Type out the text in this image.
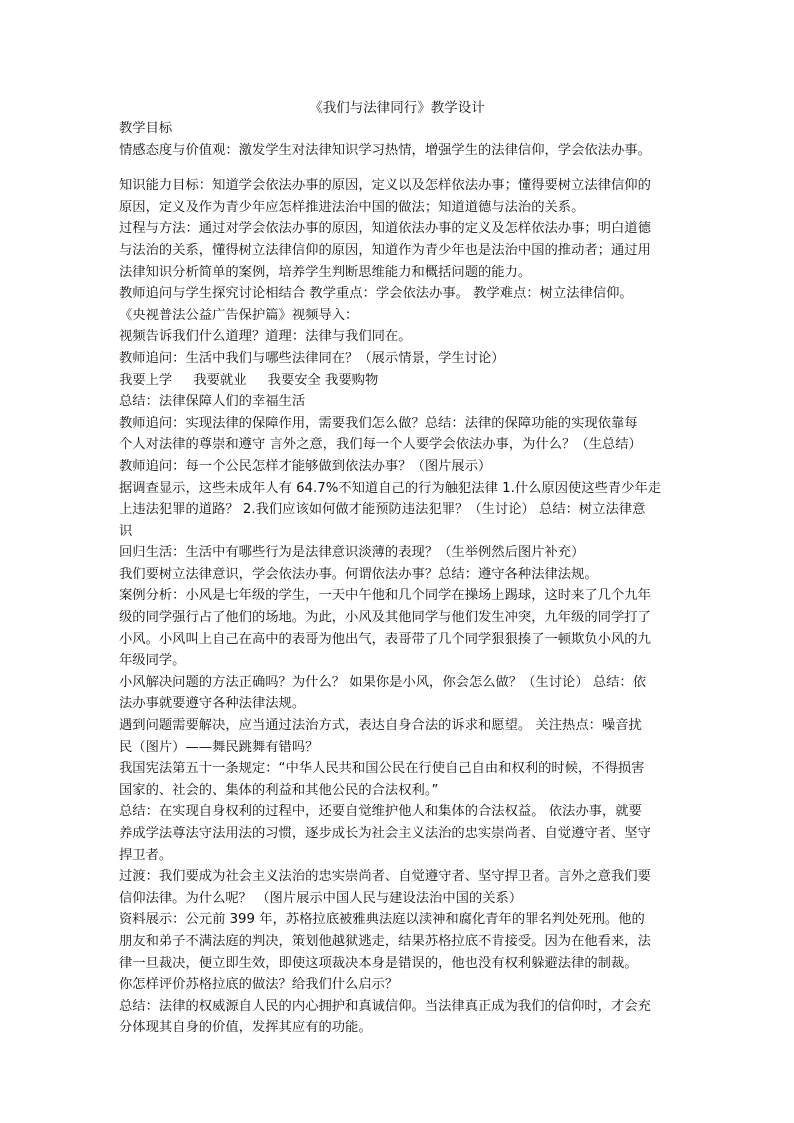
《我们与法律同行》教学设计
教学目标
情感态度与价值观：激发学生对法律知识学习热情，增强学生的法律信仰，学会依法办事。
知识能力目标：知道学会依法办事的原因，定义以及怎样依法办事；懂得要树立法律信仰的
原因，定义及作为青少年应怎样推进法治中国的做法；知道道德与法治的关系。
过程与方法：通过对学会依法办事的原因，知道依法办事的定义及怎样依法办事；明白道德
与法治的关系，懂得树立法律信仰的原因，知道作为青少年也是法治中国的推动者；通过用
法律知识分析简单的案例，培养学生判断思维能力和概括问题的能力。
教师追问与学生探究讨论相结合 教学重点：学会依法办事。 教学难点：树立法律信仰。
《央视普法公益广告保护篇》视频导入：
视频告诉我们什么道理？道理：法律与我们同在。
教师追问：生活中我们与哪些法律同在？（展示情景，学生讨论）
我要上学     我要就业     我要安全 我要购物
总结：法律保障人们的幸福生活
教师追问：实现法律的保障作用，需要我们怎么做？总结：法律的保障功能的实现依靠每
个人对法律的尊崇和遵守 言外之意，我们每一个人要学会依法办事，为什么？（生总结）
教师追问：每一个公民怎样才能够做到依法办事？（图片展示）
据调查显示，这些未成年人有 64.7%不知道自己的行为触犯法律 1.什么原因使这些青少年走
上违法犯罪的道路？ 2.我们应该如何做才能预防违法犯罪？（生讨论） 总结：树立法律意
识
回归生活：生活中有哪些行为是法律意识淡薄的表现？（生举例然后图片补充）
我们要树立法律意识，学会依法办事。何谓依法办事？总结：遵守各种法律法规。
案例分析：小风是七年级的学生，一天中午他和几个同学在操场上踢球，这时来了几个九年
级的同学强行占了他们的场地。为此，小风及其他同学与他们发生冲突，九年级的同学打了
小风。小风叫上自己在高中的表哥为他出气，表哥带了几个同学狠狠揍了一顿欺负小风的九
年级同学。
小风解决问题的方法正确吗？为什么？ 如果你是小风，你会怎么做？（生讨论） 总结：依
法办事就要遵守各种法律法规。
遇到问题需要解决，应当通过法治方式，表达自身合法的诉求和愿望。 关注热点：噪音扰
民（图片）——舞民跳舞有错吗？
我国宪法第五十一条规定：“中华人民共和国公民在行使自己自由和权利的时候，不得损害
国家的、社会的、集体的利益和其他公民的合法权利。”
总结：在实现自身权利的过程中，还要自觉维护他人和集体的合法权益。 依法办事，就要
养成学法尊法守法用法的习惯，逐步成长为社会主义法治的忠实崇尚者、自觉遵守者、坚守
捍卫者。
过渡：我们要成为社会主义法治的忠实崇尚者、自觉遵守者、坚守捍卫者。言外之意我们要
信仰法律。为什么呢？ （图片展示中国人民与建设法治中国的关系）
资料展示：公元前 399 年，苏格拉底被雅典法庭以渎神和腐化青年的罪名判处死刑。他的
朋友和弟子不满法庭的判决，策划他越狱逃走，结果苏格拉底不肯接受。因为在他看来，法
律一旦裁决，便立即生效，即使这项裁决本身是错误的，他也没有权利躲避法律的制裁。
你怎样评价苏格拉底的做法？给我们什么启示？
总结：法律的权威源自人民的内心拥护和真诚信仰。当法律真正成为我们的信仰时，才会充
分体现其自身的价值，发挥其应有的功能。
